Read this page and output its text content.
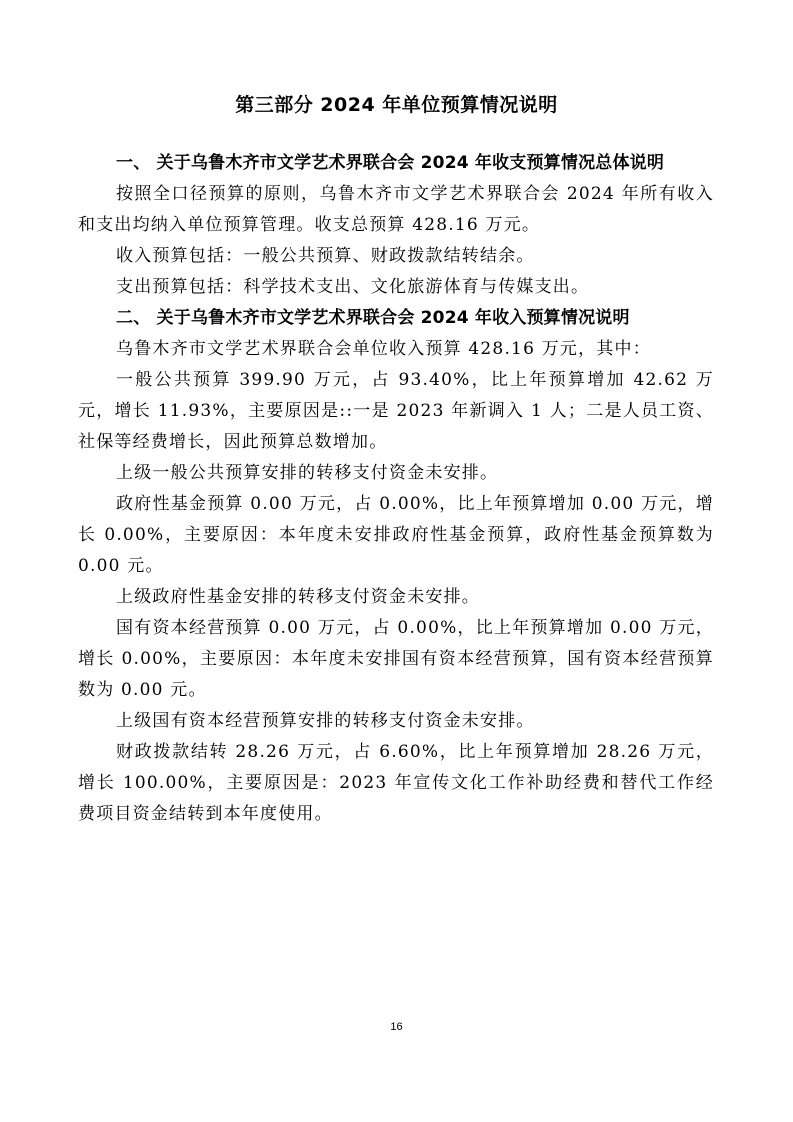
第三部分 2024 年单位预算情况说明

一、 关于乌鲁木齐市文学艺术界联合会 2024 年收支预算情况总体说明

按照全口径预算的原则，乌鲁木齐市文学艺术界联合会 2024 年所有收入和支出均纳入单位预算管理。收支总预算 428.16 万元。

收入预算包括：一般公共预算、财政拨款结转结余。

支出预算包括：科学技术支出、文化旅游体育与传媒支出。

二、 关于乌鲁木齐市文学艺术界联合会 2024 年收入预算情况说明

乌鲁木齐市文学艺术界联合会单位收入预算 428.16 万元，其中：

一般公共预算 399.90 万元，占 93.40%，比上年预算增加 42.62 万元，增长 11.93%，主要原因是::一是 2023 年新调入 1 人；二是人员工资、社保等经费增长，因此预算总数增加。

上级一般公共预算安排的转移支付资金未安排。

政府性基金预算 0.00 万元，占 0.00%，比上年预算增加 0.00 万元，增长 0.00%，主要原因：本年度未安排政府性基金预算，政府性基金预算数为 0.00 元。

上级政府性基金安排的转移支付资金未安排。

国有资本经营预算 0.00 万元，占 0.00%，比上年预算增加 0.00 万元，增长 0.00%，主要原因：本年度未安排国有资本经营预算，国有资本经营预算数为 0.00 元。

上级国有资本经营预算安排的转移支付资金未安排。

财政拨款结转 28.26 万元，占 6.60%，比上年预算增加 28.26 万元，增长 100.00%，主要原因是：2023 年宣传文化工作补助经费和替代工作经费项目资金结转到本年度使用。

16
